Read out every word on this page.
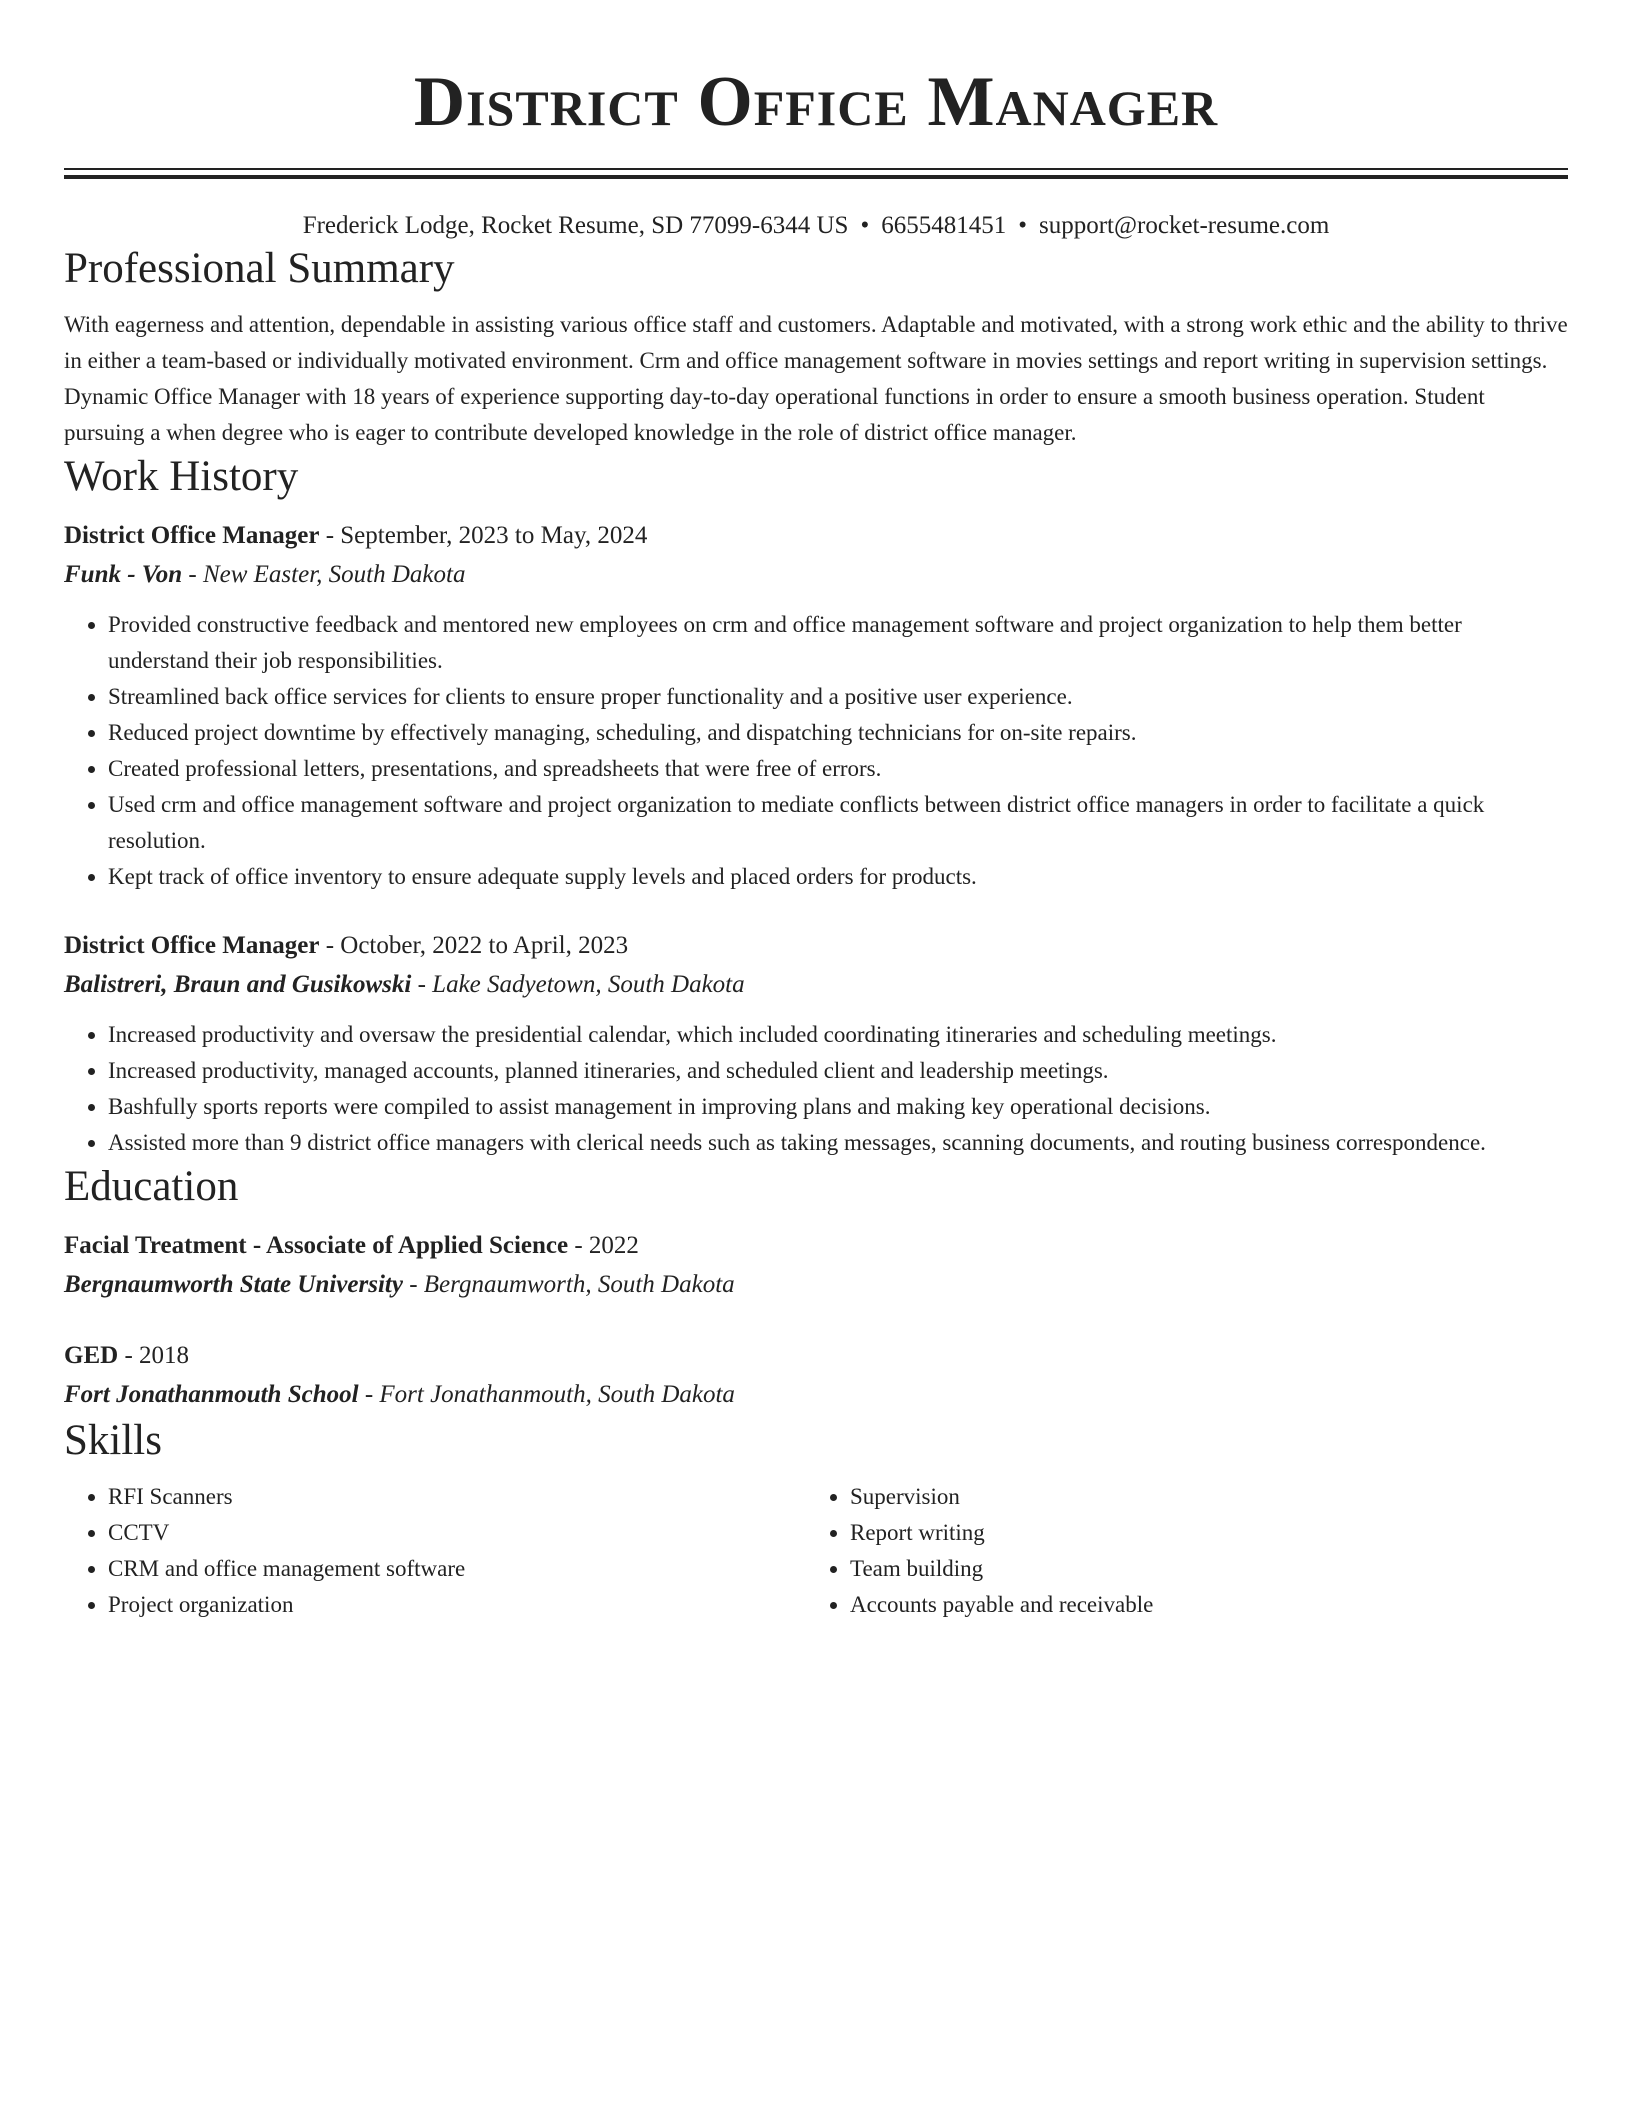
District Office Manager
Frederick Lodge, Rocket Resume, SD 77099-6344 US • 6655481451 • support@rocket-resume.com
Professional Summary

With eagerness and attention, dependable in assisting various office staff and customers. Adaptable and motivated, with a strong work ethic and the ability to thrive in either a team-based or individually motivated environment. Crm and office management software in movies settings and report writing in supervision settings. Dynamic Office Manager with 18 years of experience supporting day-to-day operational functions in order to ensure a smooth business operation. Student pursuing a when degree who is eager to contribute developed knowledge in the role of district office manager.

Work History
District Office Manager - September, 2023 to May, 2024
Funk - Von - New Easter, South Dakota
• Provided constructive feedback and mentored new employees on crm and office management software and project organization to help them better understand their job responsibilities.
• Streamlined back office services for clients to ensure proper functionality and a positive user experience.
• Reduced project downtime by effectively managing, scheduling, and dispatching technicians for on-site repairs.
• Created professional letters, presentations, and spreadsheets that were free of errors.
• Used crm and office management software and project organization to mediate conflicts between district office managers in order to facilitate a quick resolution.
• Kept track of office inventory to ensure adequate supply levels and placed orders for products.
District Office Manager - October, 2022 to April, 2023
Balistreri, Braun and Gusikowski - Lake Sadyetown, South Dakota
• Increased productivity and oversaw the presidential calendar, which included coordinating itineraries and scheduling meetings.
• Increased productivity, managed accounts, planned itineraries, and scheduled client and leadership meetings.
• Bashfully sports reports were compiled to assist management in improving plans and making key operational decisions.
• Assisted more than 9 district office managers with clerical needs such as taking messages, scanning documents, and routing business correspondence.
Education
Facial Treatment - Associate of Applied Science - 2022
Bergnaumworth State University - Bergnaumworth, South Dakota
GED - 2018
Fort Jonathanmouth School - Fort Jonathanmouth, South Dakota
Skills
• RFI Scanners
• CCTV
• CRM and office management software
• Project organization
• Supervision
• Report writing
• Team building
• Accounts payable and receivable
